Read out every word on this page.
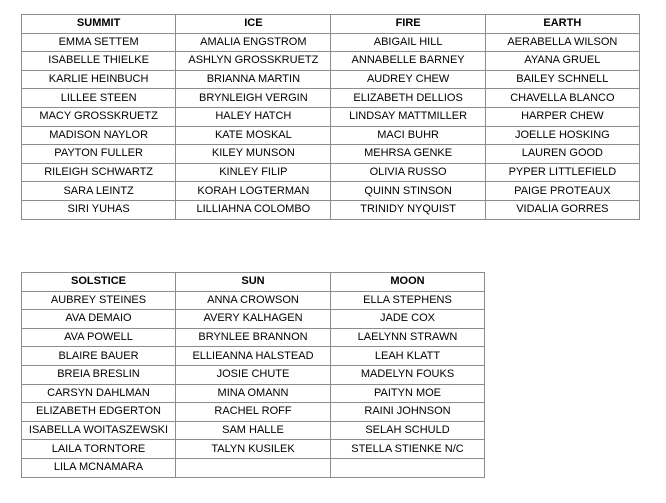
SUMMIT	ICE	FIRE	EARTH
EMMA SETTEM	AMALIA ENGSTROM	ABIGAIL HILL	AERABELLA WILSON
ISABELLE THIELKE	ASHLYN GROSSKRUETZ	ANNABELLE BARNEY	AYANA GRUEL
KARLIE HEINBUCH	BRIANNA MARTIN	AUDREY CHEW	BAILEY SCHNELL
LILLEE STEEN	BRYNLEIGH VERGIN	ELIZABETH DELLIOS	CHAVELLA BLANCO
MACY GROSSKRUETZ	HALEY HATCH	LINDSAY MATTMILLER	HARPER CHEW
MADISON NAYLOR	KATE MOSKAL	MACI BUHR	JOELLE HOSKING
PAYTON FULLER	KILEY MUNSON	MEHRSA GENKE	LAUREN GOOD
RILEIGH SCHWARTZ	KINLEY FILIP	OLIVIA RUSSO	PYPER LITTLEFIELD
SARA LEINTZ	KORAH LOGTERMAN	QUINN STINSON	PAIGE PROTEAUX
SIRI YUHAS	LILLIAHNA COLOMBO	TRINIDY NYQUIST	VIDALIA GORRES
SOLSTICE	SUN	MOON
AUBREY STEINES	ANNA CROWSON	ELLA STEPHENS
AVA DEMAIO	AVERY KALHAGEN	JADE COX
AVA POWELL	BRYNLEE BRANNON	LAELYNN STRAWN
BLAIRE BAUER	ELLIEANNA HALSTEAD	LEAH KLATT
BREIA BRESLIN	JOSIE CHUTE	MADELYN FOUKS
CARSYN DAHLMAN	MINA OMANN	PAITYN MOE
ELIZABETH EDGERTON	RACHEL ROFF	RAINI JOHNSON
ISABELLA WOITASZEWSKI	SAM HALLE	SELAH SCHULD
LAILA TORNTORE	TALYN KUSILEK	STELLA STIENKE N/C
LILA MCNAMARA		
